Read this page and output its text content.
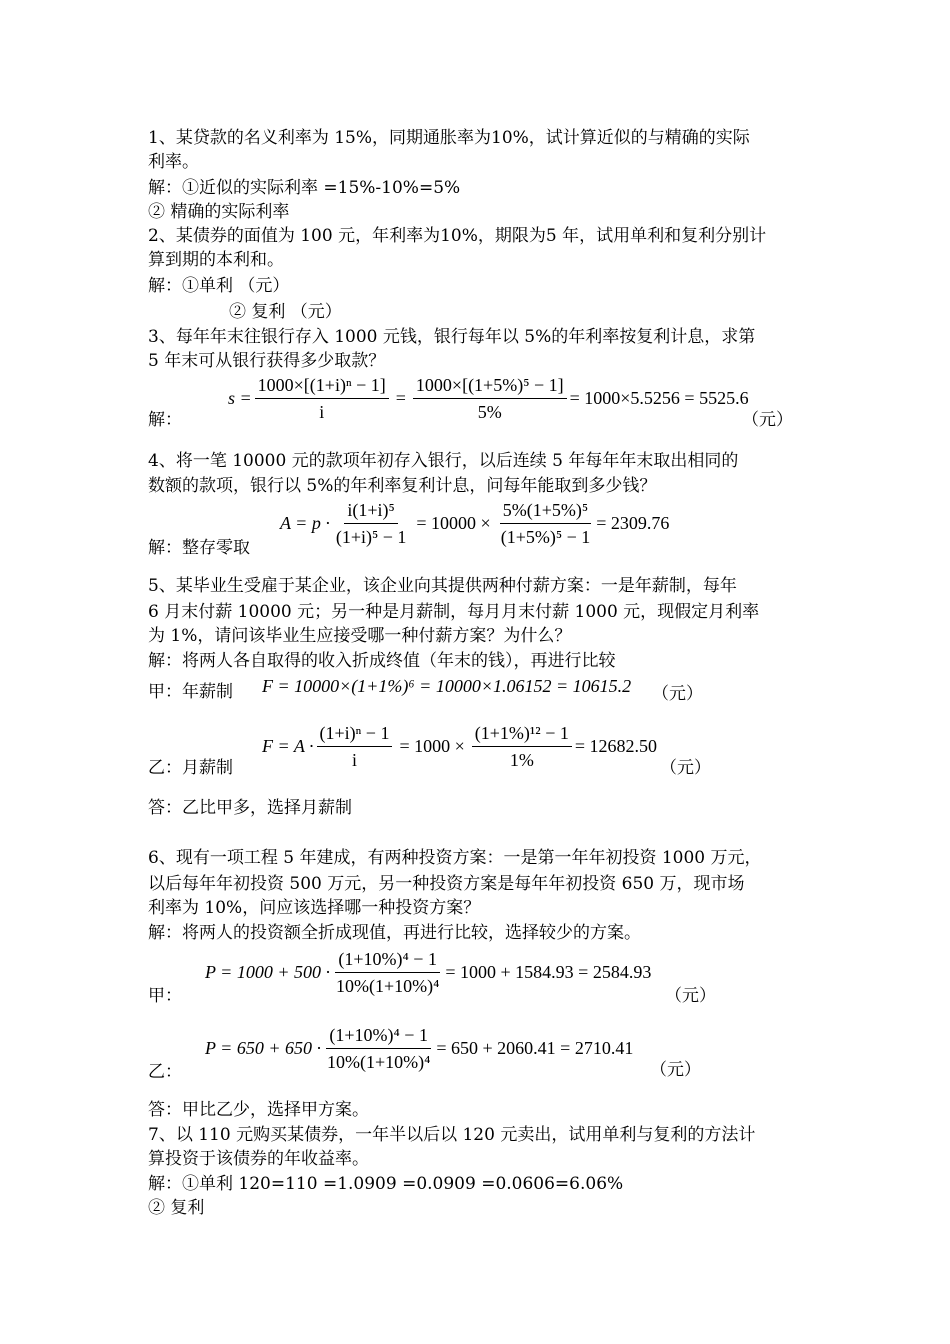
1、某贷款的名义利率为 15%，同期通胀率为10%，试计算近似的与精确的实际
利率。
解：①近似的实际利率 =15%-10%=5%
② 精确的实际利率
2、某债券的面值为 100 元，年利率为10%，期限为5 年，试用单利和复利分别计
算到期的本利和。
解：①单利 （元）
② 复利 （元）
3、每年年末往银行存入 1000 元钱，银行每年以 5%的年利率按复利计息，求第
5 年末可从银行获得多少取款？
$s = \frac{\text{1000×[(1+i)ⁿ − 1]}}{i} = \frac{\text{1000×[(1+5\%)⁵ − 1]}}{5\%} = 1000\times 5.5256 = 5525.6$
解：	（元）
4、将一笔 10000 元的款项年初存入银行，以后连续 5 年每年年末取出相同的
数额的款项，银行以 5%的年利率复利计息，问每年能取到多少钱？
$A = p \cdot \frac{\text{i(1+i)⁵}}{\text{(1+i)⁵ − 1}} = 10000 \times \frac{\text{5\%(1+5\%)⁵}}{\text{(1+5\%)⁵ − 1}} = 2309.76$
解：整存零取
5、某毕业生受雇于某企业，该企业向其提供两种付薪方案：一是年薪制，每年
6 月末付薪 10000 元；另一种是月薪制，每月月末付薪 1000 元，现假定月利率
为 1%，请问该毕业生应接受哪一种付薪方案？为什么？
解：将两人各自取得的收入折成终值（年末的钱），再进行比较
甲：年薪制 F = 10000×(1+1%)⁶ = 10000×1.06152 = 10615.2 （元）
$F = A \cdot \frac{\text{(1+i)ⁿ − 1}}{i} = 1000 \times \frac{\text{(1+1\%)¹² − 1}}{1\%} = 12682.50$
乙：月薪制	（元）
答：乙比甲多，选择月薪制
6、现有一项工程 5 年建成，有两种投资方案：一是第一年年初投资 1000 万元，
以后每年年初投资 500 万元，另一种投资方案是每年年初投资 650 万，现市场
利率为 10%，问应该选择哪一种投资方案？
解：将两人的投资额全折成现值，再进行比较，选择较少的方案。
$P = 1000 + 500 \cdot \frac{\text{(1+10\%)⁴ − 1}}{\text{10\%(1+10\%)⁴}} = 1000 + 1584.93 = 2584.93$
甲：	（元）
$P = 650 + 650 \cdot \frac{\text{(1+10\%)⁴ − 1}}{\text{10\%(1+10\%)⁴}} = 650 + 2060.41 = 2710.41$
乙：	（元）
答：甲比乙少，选择甲方案。
7、以 110 元购买某债券，一年半以后以 120 元卖出，试用单利与复利的方法计
算投资于该债券的年收益率。
解：①单利 120=110 =1.0909 =0.0909 =0.0606=6.06%
② 复利
